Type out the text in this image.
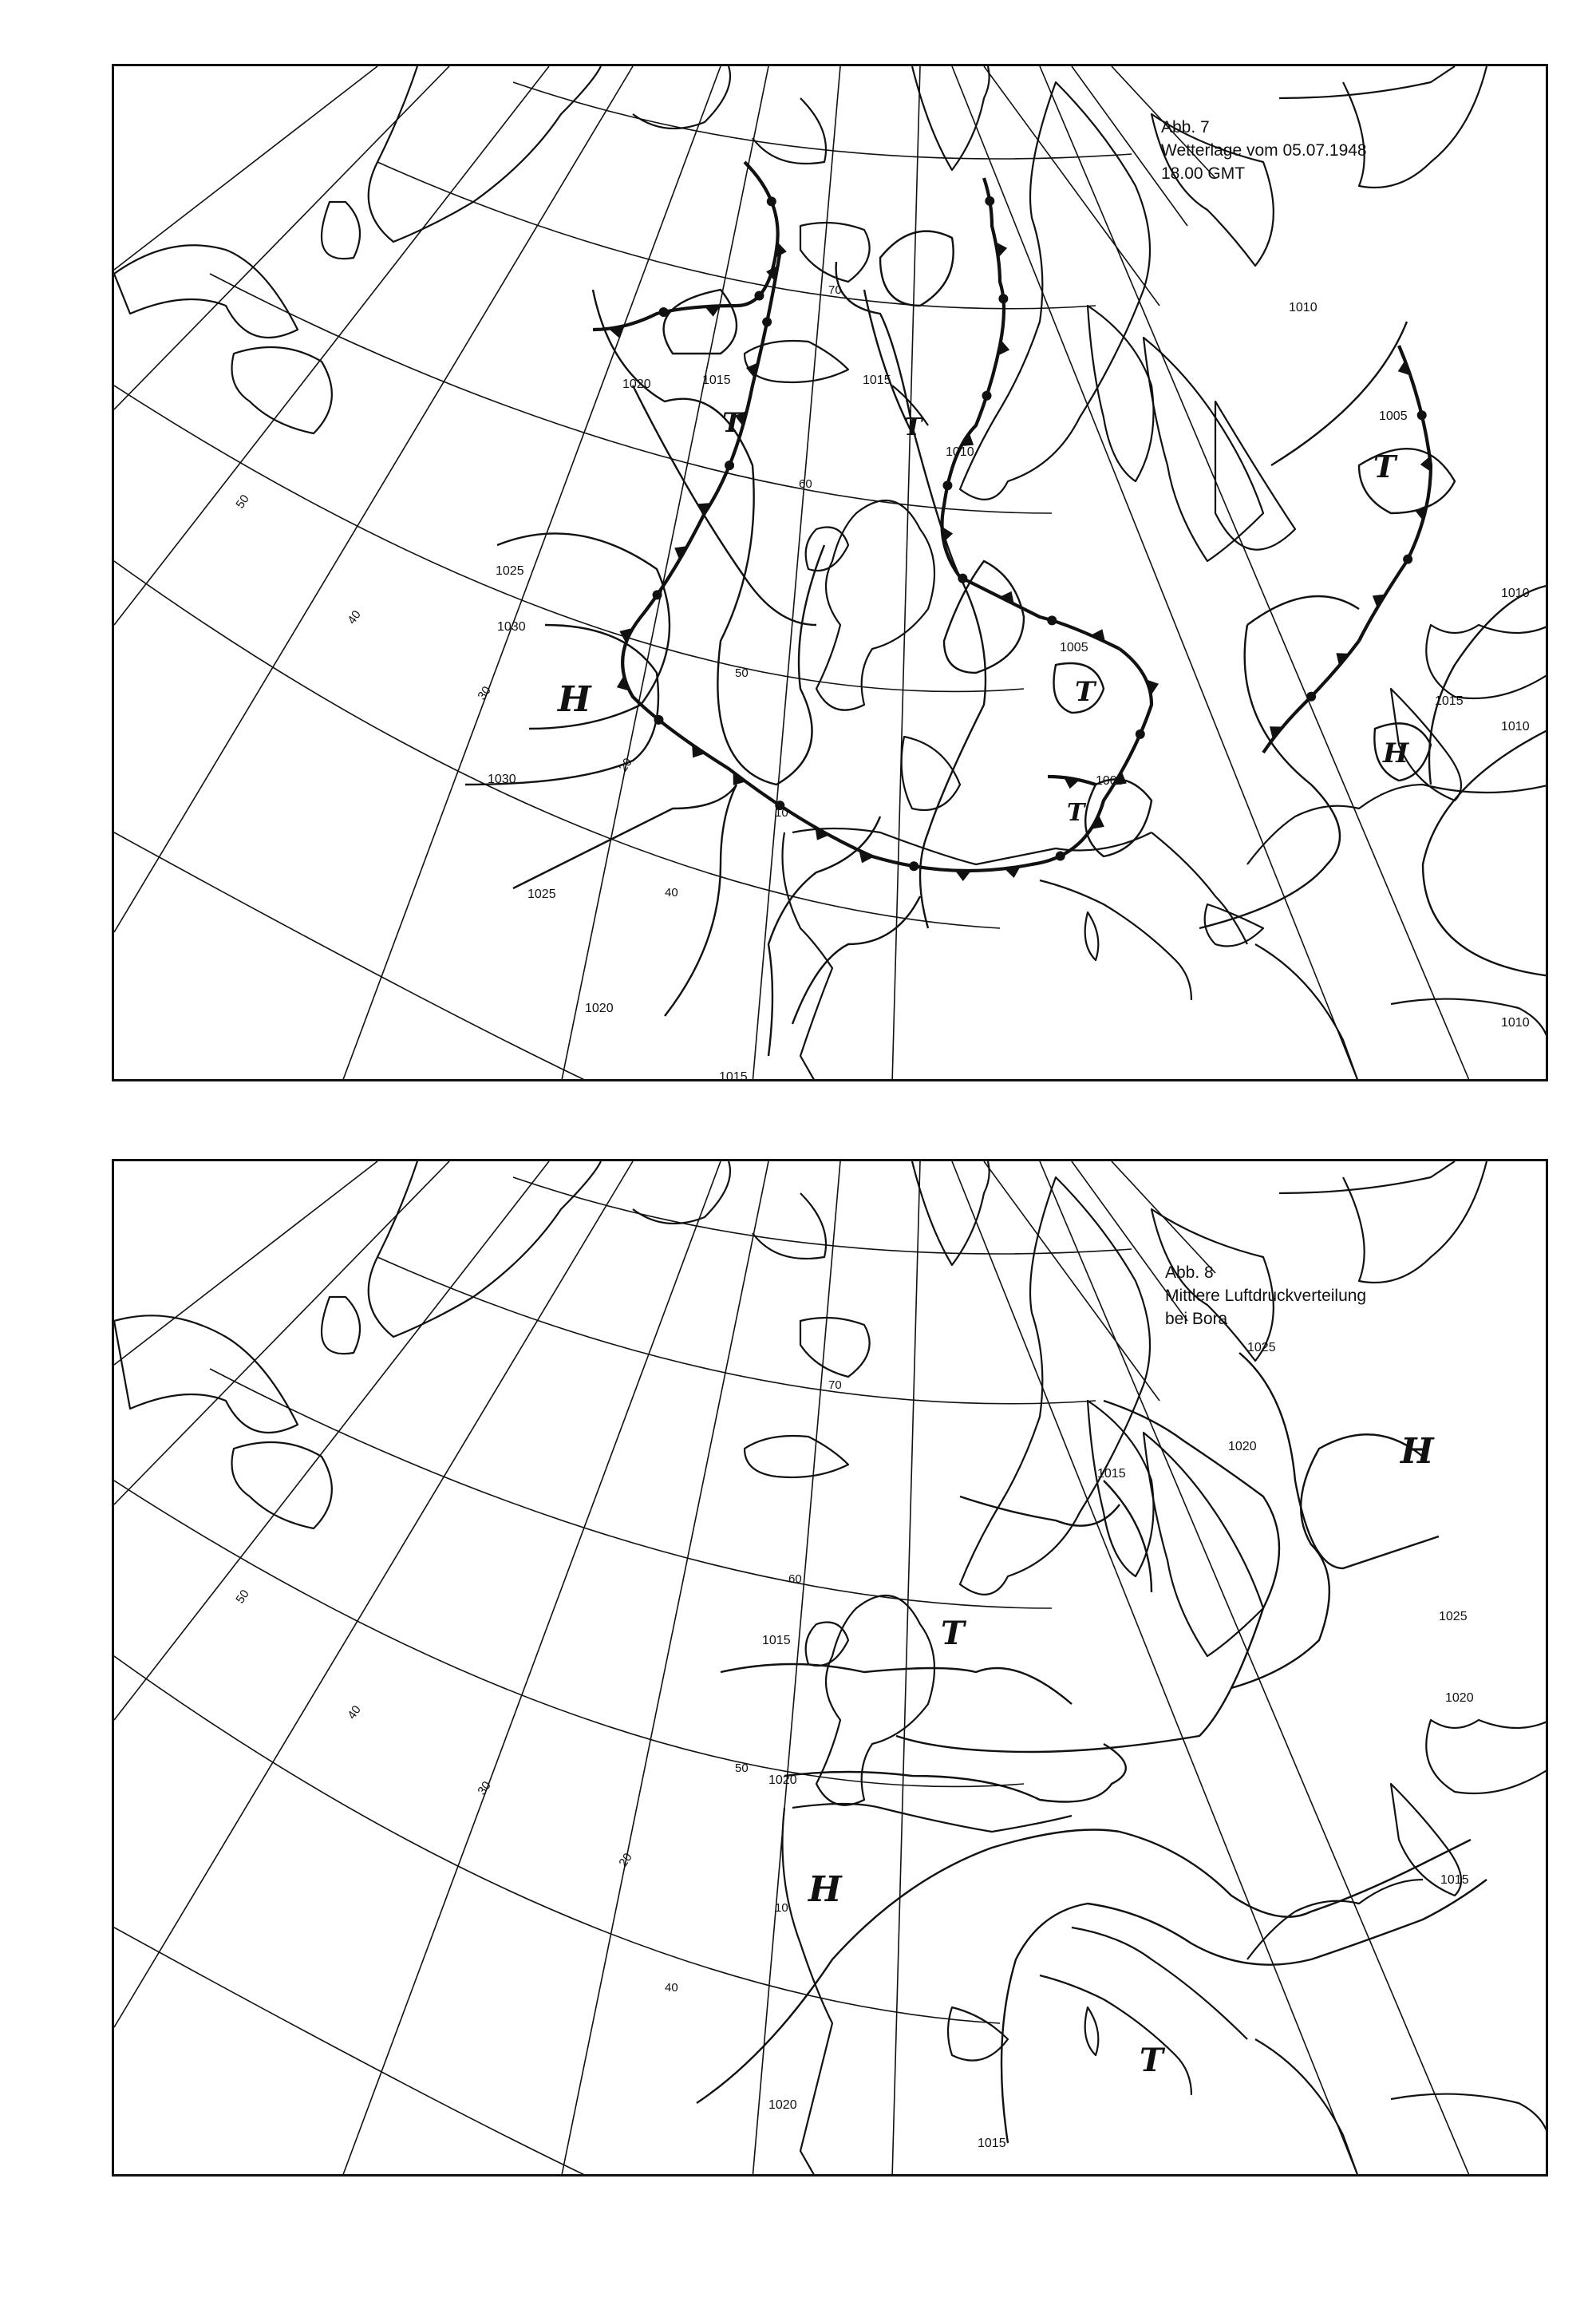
1020	1015	1015
1010
1010
1005
1025
1030
1030
1025
1020
1015
1005
1005
1015
1010
1010
1010
70
60
50
40
50
40
30
20
10
T	T
T
T
T
H
H
Abb. 7
Wetterlage vom 05.07.1948
18.00 GMT
1025
1020
1015
1025
1020
1015
1020
1015
1020
1015
70
60
50
40
50
40
30
20
10
H
T
H
T
Abb. 8
Mittlere Luftdruckverteilung
bei Bora
